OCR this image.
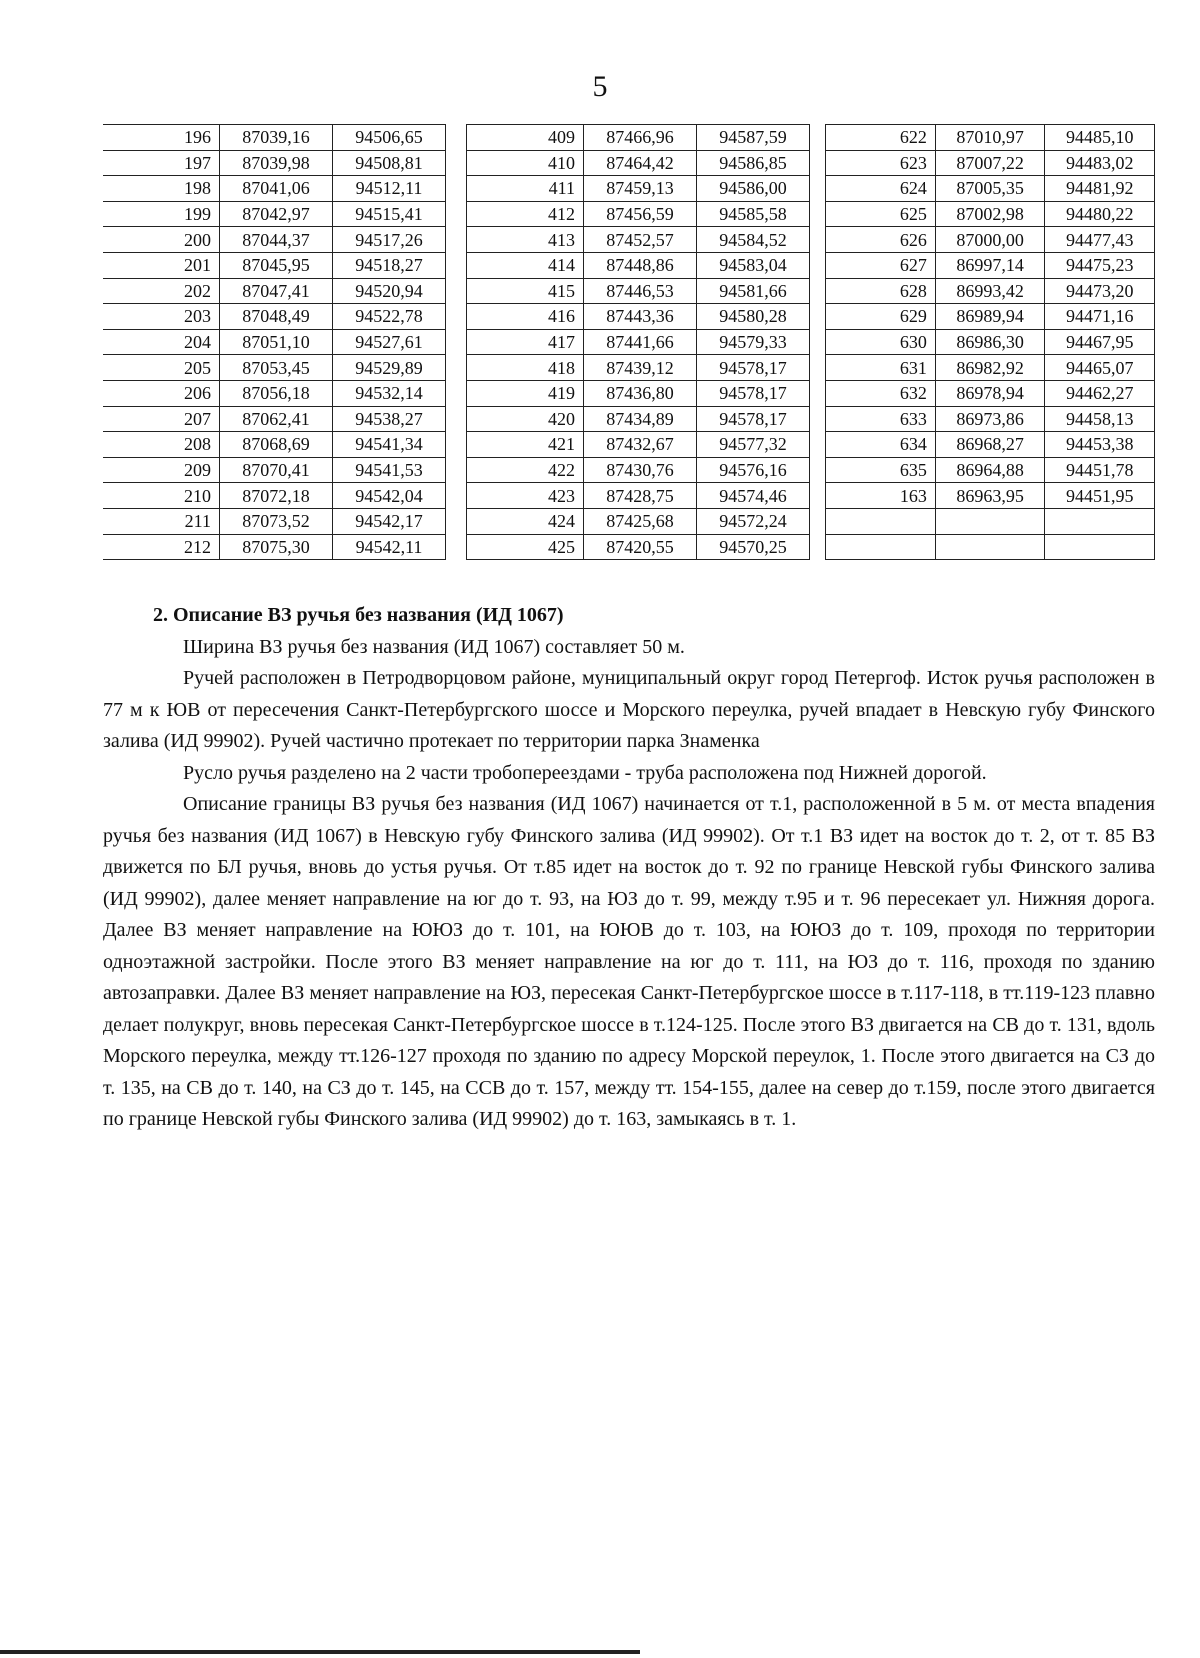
5
196	87039,16	94506,65
197	87039,98	94508,81
198	87041,06	94512,11
199	87042,97	94515,41
200	87044,37	94517,26
201	87045,95	94518,27
202	87047,41	94520,94
203	87048,49	94522,78
204	87051,10	94527,61
205	87053,45	94529,89
206	87056,18	94532,14
207	87062,41	94538,27
208	87068,69	94541,34
209	87070,41	94541,53
210	87072,18	94542,04
211	87073,52	94542,17
212	87075,30	94542,11
409	87466,96	94587,59
410	87464,42	94586,85
411	87459,13	94586,00
412	87456,59	94585,58
413	87452,57	94584,52
414	87448,86	94583,04
415	87446,53	94581,66
416	87443,36	94580,28
417	87441,66	94579,33
418	87439,12	94578,17
419	87436,80	94578,17
420	87434,89	94578,17
421	87432,67	94577,32
422	87430,76	94576,16
423	87428,75	94574,46
424	87425,68	94572,24
425	87420,55	94570,25
622	87010,97	94485,10
623	87007,22	94483,02
624	87005,35	94481,92
625	87002,98	94480,22
626	87000,00	94477,43
627	86997,14	94475,23
628	86993,42	94473,20
629	86989,94	94471,16
630	86986,30	94467,95
631	86982,92	94465,07
632	86978,94	94462,27
633	86973,86	94458,13
634	86968,27	94453,38
635	86964,88	94451,78
163	86963,95	94451,95

2. Описание ВЗ ручья без названия (ИД 1067)

Ширина ВЗ ручья без названия (ИД 1067) составляет 50 м.

Ручей расположен в Петродворцовом районе, муниципальный округ город Петергоф. Исток ручья расположен в 77 м к ЮВ от пересечения Санкт-Петербургского шоссе и Морского переулка, ручей впадает в Невскую губу Финского залива (ИД 99902). Ручей частично протекает по территории парка Знаменка

Русло ручья разделено на 2 части тробопереездами - труба расположена под Нижней дорогой.

Описание границы ВЗ ручья без названия (ИД 1067) начинается от т.1, расположенной в 5 м. от места впадения ручья без названия (ИД 1067) в Невскую губу Финского залива (ИД 99902). От т.1 ВЗ идет на восток до т. 2, от т. 85 ВЗ движется по БЛ ручья, вновь до устья ручья. От т.85 идет на восток до т. 92 по границе Невской губы Финского залива (ИД 99902), далее меняет направление на юг до т. 93, на ЮЗ до т. 99, между т.95 и т. 96 пересекает ул. Нижняя дорога. Далее ВЗ меняет направление на ЮЮЗ до т. 101, на ЮЮВ до т. 103, на ЮЮЗ до т. 109, проходя по территории одноэтажной застройки. После этого ВЗ меняет направление на юг до т. 111, на ЮЗ до т. 116, проходя по зданию автозаправки. Далее ВЗ меняет направление на ЮЗ, пересекая Санкт-Петербургское шоссе в т.117-118, в тт.119-123 плавно делает полукруг, вновь пересекая Санкт-Петербургское шоссе в т.124-125. После этого ВЗ двигается на СВ до т. 131, вдоль Морского переулка, между тт.126-127 проходя по зданию по адресу Морской переулок, 1. После этого двигается на СЗ до т. 135, на СВ до т. 140, на СЗ до т. 145, на ССВ до т. 157, между тт. 154-155, далее на север до т.159, после этого двигается по границе Невской губы Финского залива (ИД 99902) до т. 163, замыкаясь в т. 1.
